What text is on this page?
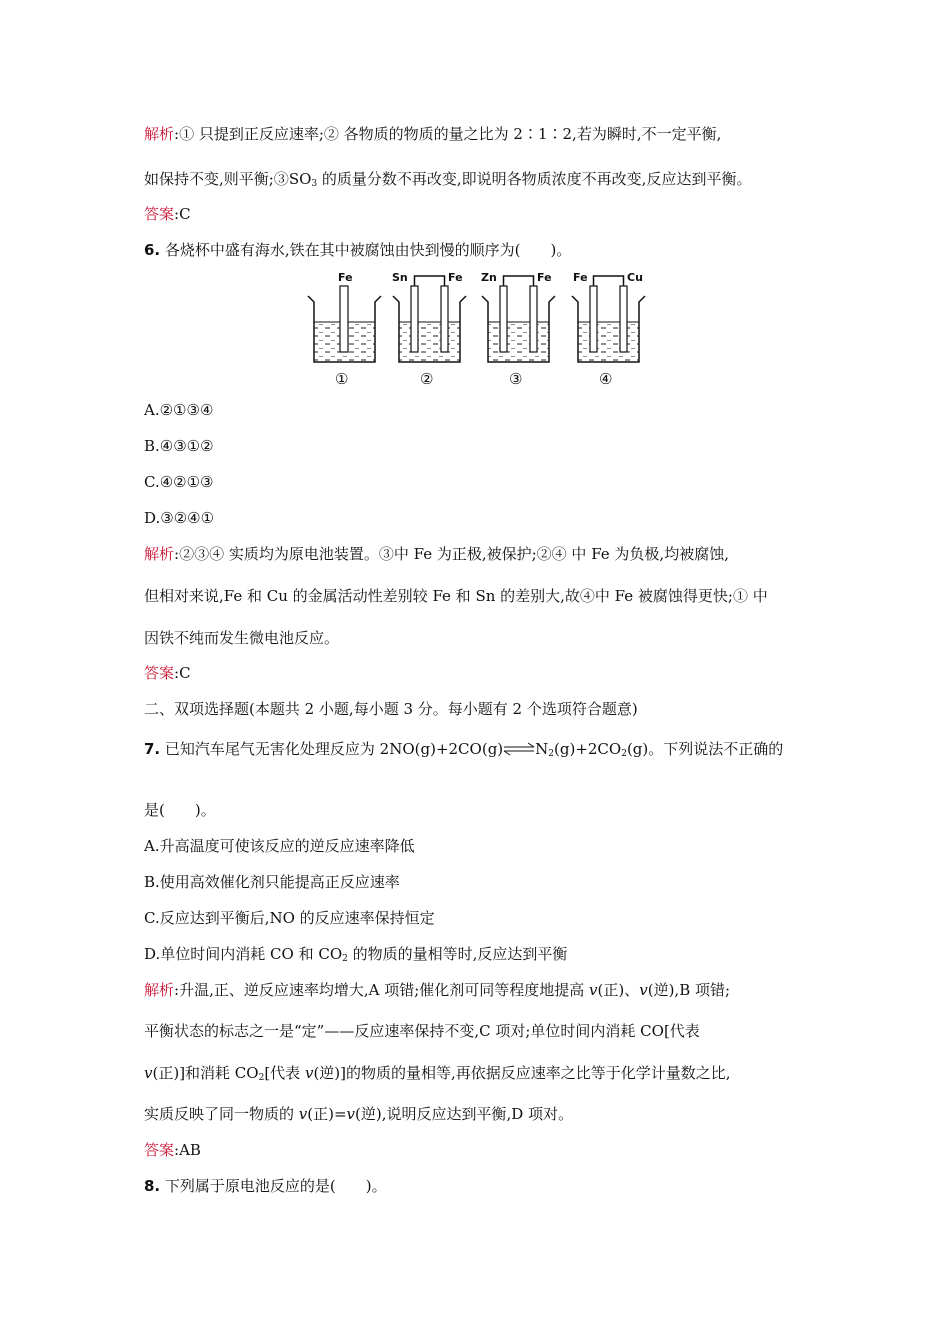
解析:① 只提到正反应速率;② 各物质的物质的量之比为 2∶1∶2,若为瞬时,不一定平衡,
如保持不变,则平衡$;③SO_3$ 的质量分数不再改变,即说明各物质浓度不再改变,反应达到平衡。
答案:C
6. 各烧杯中盛有海水,铁在其中被腐蚀由快到慢的顺序为(　　)。
Fe
①
Sn	Fe
②
Zn	Fe
③
Fe	Cu
④
A.②①③④
B.④③①②
C.④②①③
D.③②④①
解析:②③④ 实质均为原电池装置。③中 Fe 为正极,被保护;②④ 中 Fe 为负极,均被腐蚀,
但相对来说,Fe 和 Cu 的金属活动性差别较 Fe 和 Sn 的差别大,故④中 Fe 被腐蚀得更快;① 中
因铁不纯而发生微电池反应。
答案:C
二、双项选择题(本题共 2 小题,每小题 3 分。每小题有 2 个选项符合题意)
7. 已知汽车尾气无害化处理反应为 $2NO(g)+2CO(g)\rightleftharpoons N_2(g)+2CO_2(g)$。下列说法不正确的
是(　　)。
A.升高温度可使该反应的逆反应速率降低
B.使用高效催化剂只能提高正反应速率
C.反应达到平衡后,NO 的反应速率保持恒定
D.单位时间内消耗 CO 和 $CO_2$ 的物质的量相等时,反应达到平衡
解析:升温,正、逆反应速率均增大,A 项错;催化剂可同等程度地提高 v(正)、v(逆),B 项错;
平衡状态的标志之一是“定”——反应速率保持不变,C 项对;单位时间内消耗 CO[代表
v(正)]和消耗 $CO_2$[代表 v(逆)]的物质的量相等,再依据反应速率之比等于化学计量数之比,
实质反映了同一物质的 v(正)=v(逆),说明反应达到平衡,D 项对。
答案:AB
8. 下列属于原电池反应的是(　　)。
